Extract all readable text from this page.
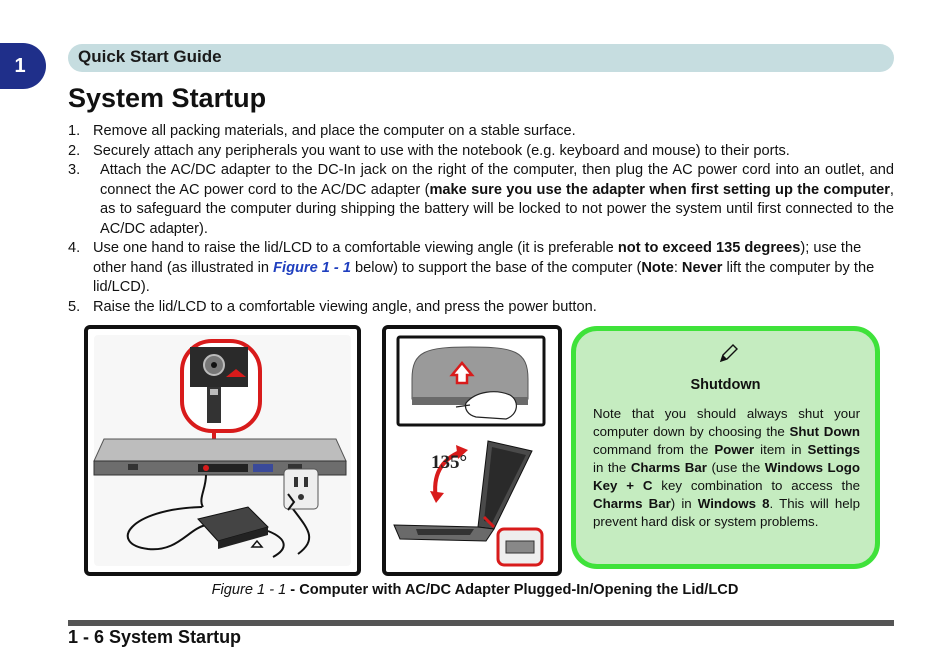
1	Quick Start Guide
System Startup
1. Remove all packing materials, and place the computer on a stable surface.
2. Securely attach any peripherals you want to use with the notebook (e.g. keyboard and mouse) to their ports.
3. Attach the AC/DC adapter to the DC-In jack on the right of the computer, then plug the AC power cord into an outlet, and connect the AC power cord to the AC/DC adapter (make sure you use the adapter when first setting up the computer, as to safeguard the computer during shipping the battery will be locked to not power the system until first connected to the AC/DC adapter).
4. Use one hand to raise the lid/LCD to a comfortable viewing angle (it is preferable not to exceed 135 degrees); use the other hand (as illustrated in Figure 1 - 1 below) to support the base of the computer (Note: Never lift the computer by the lid/LCD).
5. Raise the lid/LCD to a comfortable viewing angle, and press the power button.
135°
Shutdown
Note that you should always shut your computer down by choosing the Shut Down command from the Power item in Settings in the Charms Bar (use the Windows Logo Key + C key combination to access the Charms Bar) in Windows 8. This will help prevent hard disk or system problems.
Figure 1 - 1 - Computer with AC/DC Adapter Plugged-In/Opening the Lid/LCD
1 - 6 System Startup
